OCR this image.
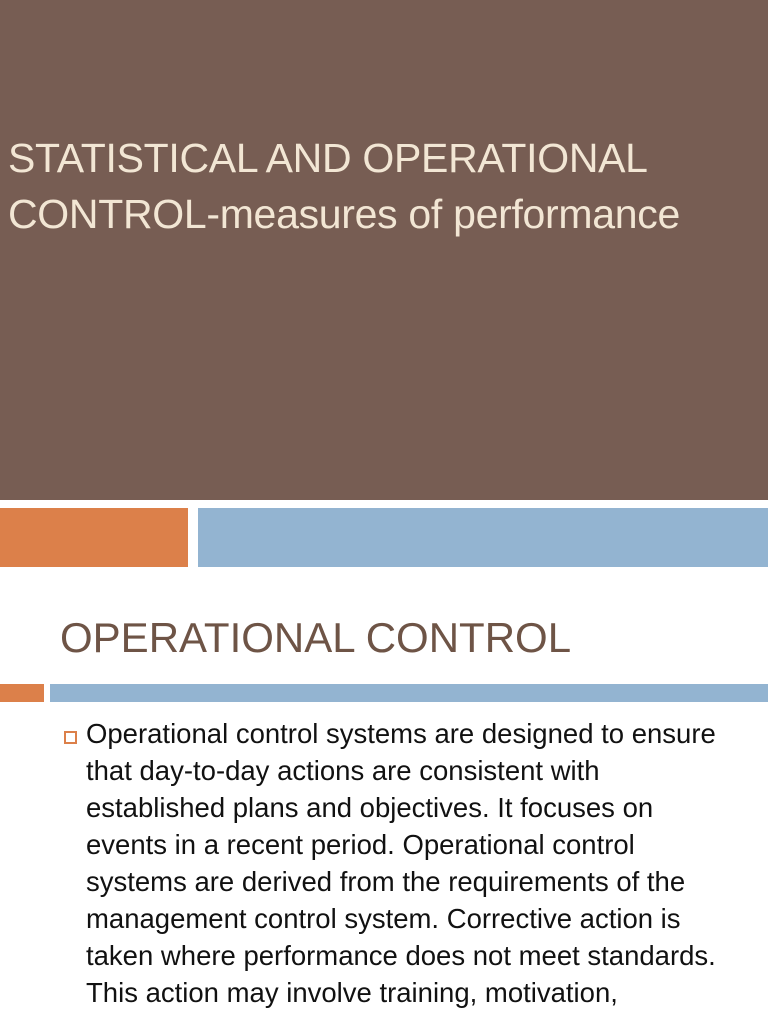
STATISTICAL AND OPERATIONAL CONTROL-measures of performance
OPERATIONAL CONTROL

Operational control systems are designed to ensure that day-to-day actions are consistent with established plans and objectives. It focuses on events in a recent period. Operational control systems are derived from the requirements of the management control system. Corrective action is taken where performance does not meet standards. This action may involve training, motivation,
